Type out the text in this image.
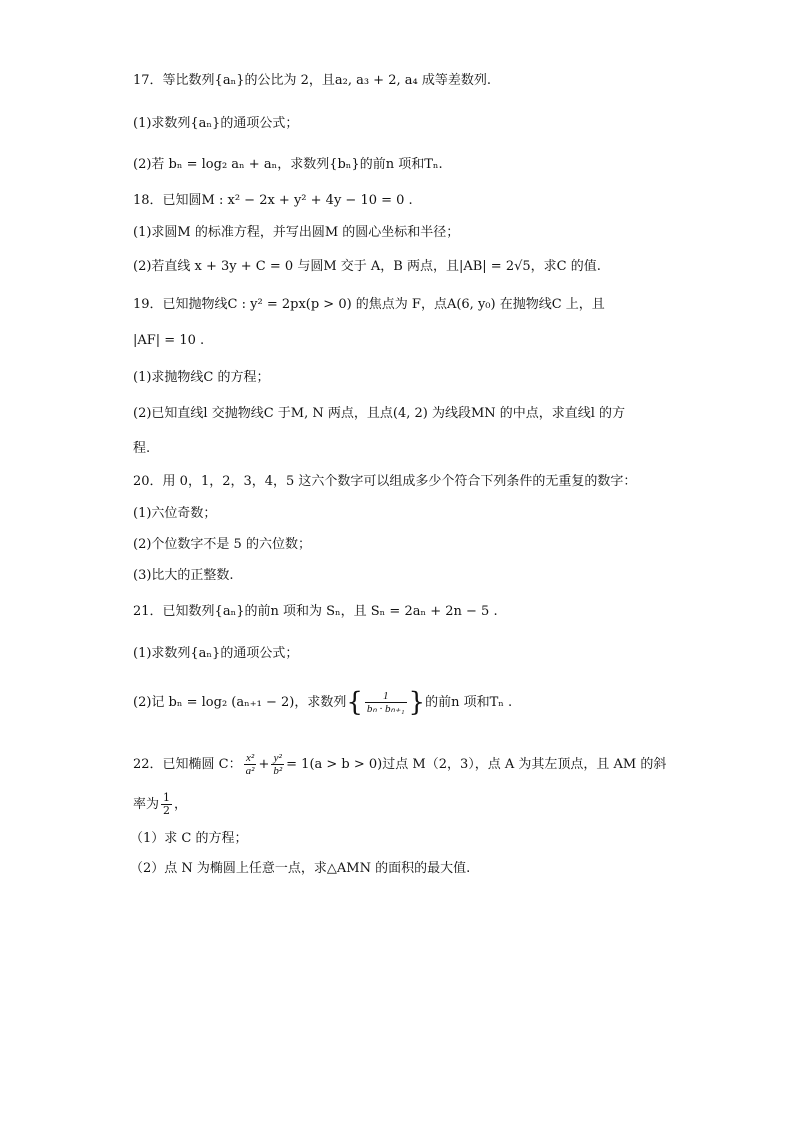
17．等比数列{aₙ}的公比为 2，且a₂, a₃ + 2, a₄ 成等差数列.
(1)求数列{aₙ}的通项公式；
(2)若 bₙ = log₂ aₙ + aₙ，求数列{bₙ}的前n 项和Tₙ.
18．已知圆M : x² − 2x + y² + 4y − 10 = 0 .
(1)求圆M 的标准方程，并写出圆M 的圆心坐标和半径；
(2)若直线 x + 3y + C = 0 与圆M 交于 A，B 两点，且|AB| = 2√5，求C 的值.
19．已知抛物线C : y² = 2px(p > 0) 的焦点为 F，点A(6, y₀) 在抛物线C 上，且
|AF| = 10 .
(1)求抛物线C 的方程；
(2)已知直线l 交抛物线C 于M, N 两点，且点(4, 2) 为线段MN 的中点，求直线l 的方
程.
20．用 0，1，2，3，4，5 这六个数字可以组成多少个符合下列条件的无重复的数字：
(1)六位奇数；
(2)个位数字不是 5 的六位数；
(3)比大的正整数.
21．已知数列{aₙ}的前n 项和为 Sₙ，且 Sₙ = 2aₙ + 2n − 5 .
(1)求数列{aₙ}的通项公式；
(2)记 bₙ = log₂ (aₙ₊₁ − 2)，求数列{ $\frac{1}{\text{bₙ · bₙ₊₁}}$ }的前n 项和Tₙ .
22．已知椭圆 C： $\frac{\text{x²}}{\text{a²}} + \frac{\text{y²}}{\text{b²}} = 1(a > b > 0)$过点 M（2，3），点 A 为其左顶点，且 AM 的斜
率为 $\frac{1}{2}$ ，
（1）求 C 的方程；
（2）点 N 为椭圆上任意一点，求△AMN 的面积的最大值.
